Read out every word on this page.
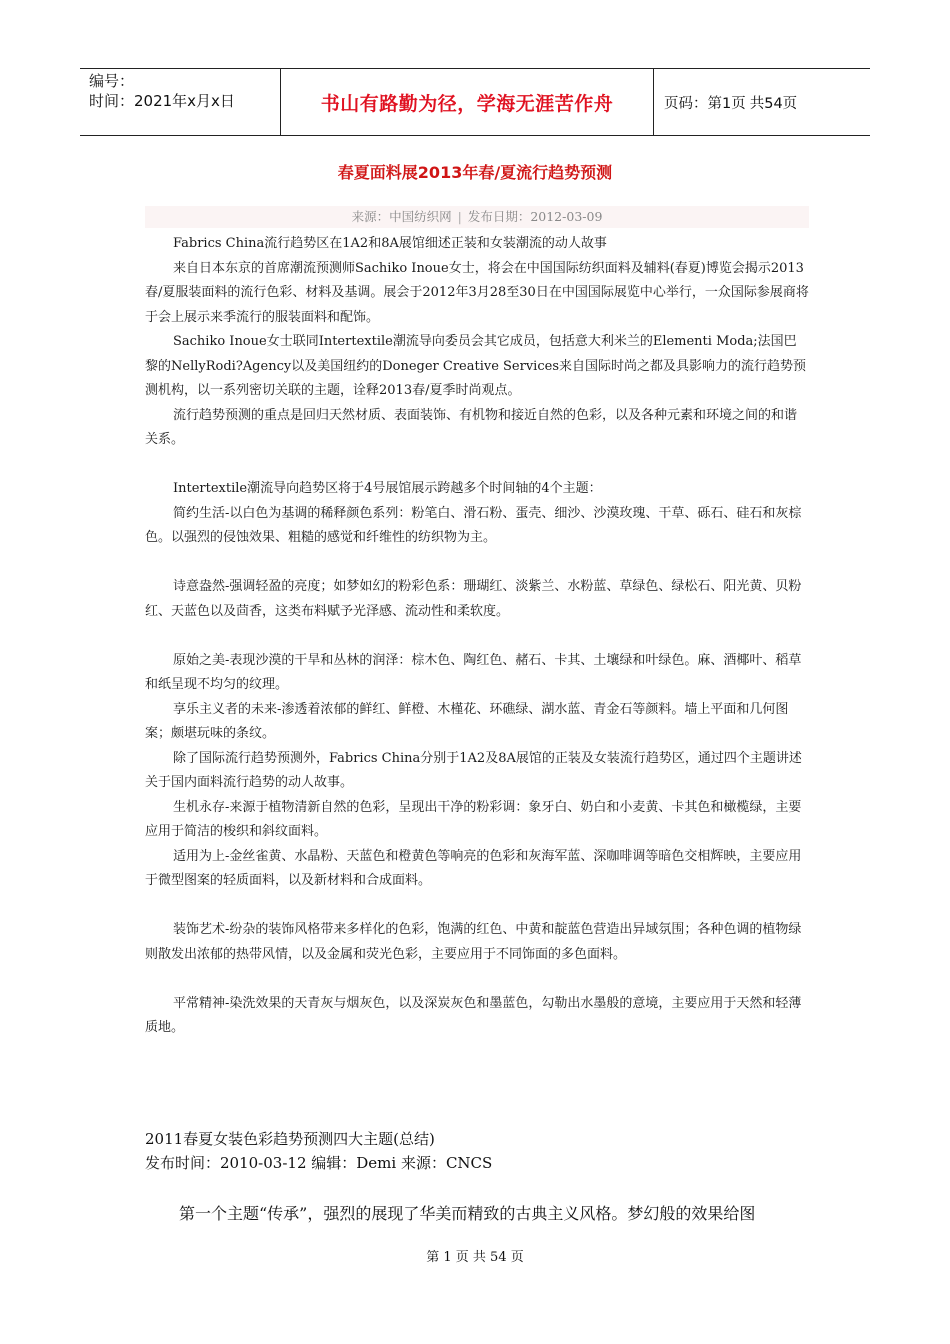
编号：
时间：2021年x月x日	书山有路勤为径，学海无涯苦作舟	页码：第1页 共54页
春夏面料展2013年春/夏流行趋势预测
来源：中国纺织网 | 发布日期：2012-03-09

Fabrics China流行趋势区在1A2和8A展馆细述正装和女装潮流的动人故事

来自日本东京的首席潮流预测师Sachiko Inoue女士，将会在中国国际纺织面料及辅料(春夏)博览会揭示2013春/夏服装面料的流行色彩、材料及基调。展会于2012年3月28至30日在中国国际展览中心举行，一众国际参展商将于会上展示来季流行的服装面料和配饰。

Sachiko Inoue女士联同Intertextile潮流导向委员会其它成员，包括意大利米兰的Elementi Moda;法国巴黎的NellyRodi?Agency以及美国纽约的Doneger Creative Services来自国际时尚之都及具影响力的流行趋势预测机构，以一系列密切关联的主题，诠释2013春/夏季时尚观点。

流行趋势预测的重点是回归天然材质、表面装饰、有机物和接近自然的色彩，以及各种元素和环境之间的和谐关系。

Intertextile潮流导向趋势区将于4号展馆展示跨越多个时间轴的4个主题：

简约生活-以白色为基调的稀释颜色系列：粉笔白、滑石粉、蛋壳、细沙、沙漠玫瑰、干草、砾石、硅石和灰棕色。以强烈的侵蚀效果、粗糙的感觉和纤维性的纺织物为主。

诗意盎然-强调轻盈的亮度；如梦如幻的粉彩色系：珊瑚红、淡紫兰、水粉蓝、草绿色、绿松石、阳光黄、贝粉红、天蓝色以及茴香，这类布料赋予光泽感、流动性和柔软度。

原始之美-表现沙漠的干旱和丛林的润泽：棕木色、陶红色、赭石、卡其、土壤绿和叶绿色。麻、酒椰叶、稻草和纸呈现不均匀的纹理。

享乐主义者的未来-渗透着浓郁的鲜红、鲜橙、木槿花、环礁绿、湖水蓝、青金石等颜料。墙上平面和几何图案；颇堪玩味的条纹。

除了国际流行趋势预测外，Fabrics China分别于1A2及8A展馆的正装及女装流行趋势区，通过四个主题讲述关于国内面料流行趋势的动人故事。

生机永存-来源于植物清新自然的色彩，呈现出干净的粉彩调：象牙白、奶白和小麦黄、卡其色和橄榄绿，主要应用于简洁的梭织和斜纹面料。

适用为上-金丝雀黄、水晶粉、天蓝色和橙黄色等响亮的色彩和灰海军蓝、深咖啡调等暗色交相辉映，主要应用于微型图案的轻质面料，以及新材料和合成面料。

装饰艺术-纷杂的装饰风格带来多样化的色彩，饱满的红色、中黄和靛蓝色营造出异域氛围；各种色调的植物绿则散发出浓郁的热带风情，以及金属和荧光色彩，主要应用于不同饰面的多色面料。

平常精神-染洗效果的天青灰与烟灰色，以及深炭灰色和墨蓝色，勾勒出水墨般的意境，主要应用于天然和轻薄质地。

2011春夏女装色彩趋势预测四大主题(总结)

发布时间：2010-03-12 编辑：Demi 来源：CNCS

第一个主题“传承”，强烈的展现了华美而精致的古典主义风格。梦幻般的效果给图
第 1 页 共 54 页
